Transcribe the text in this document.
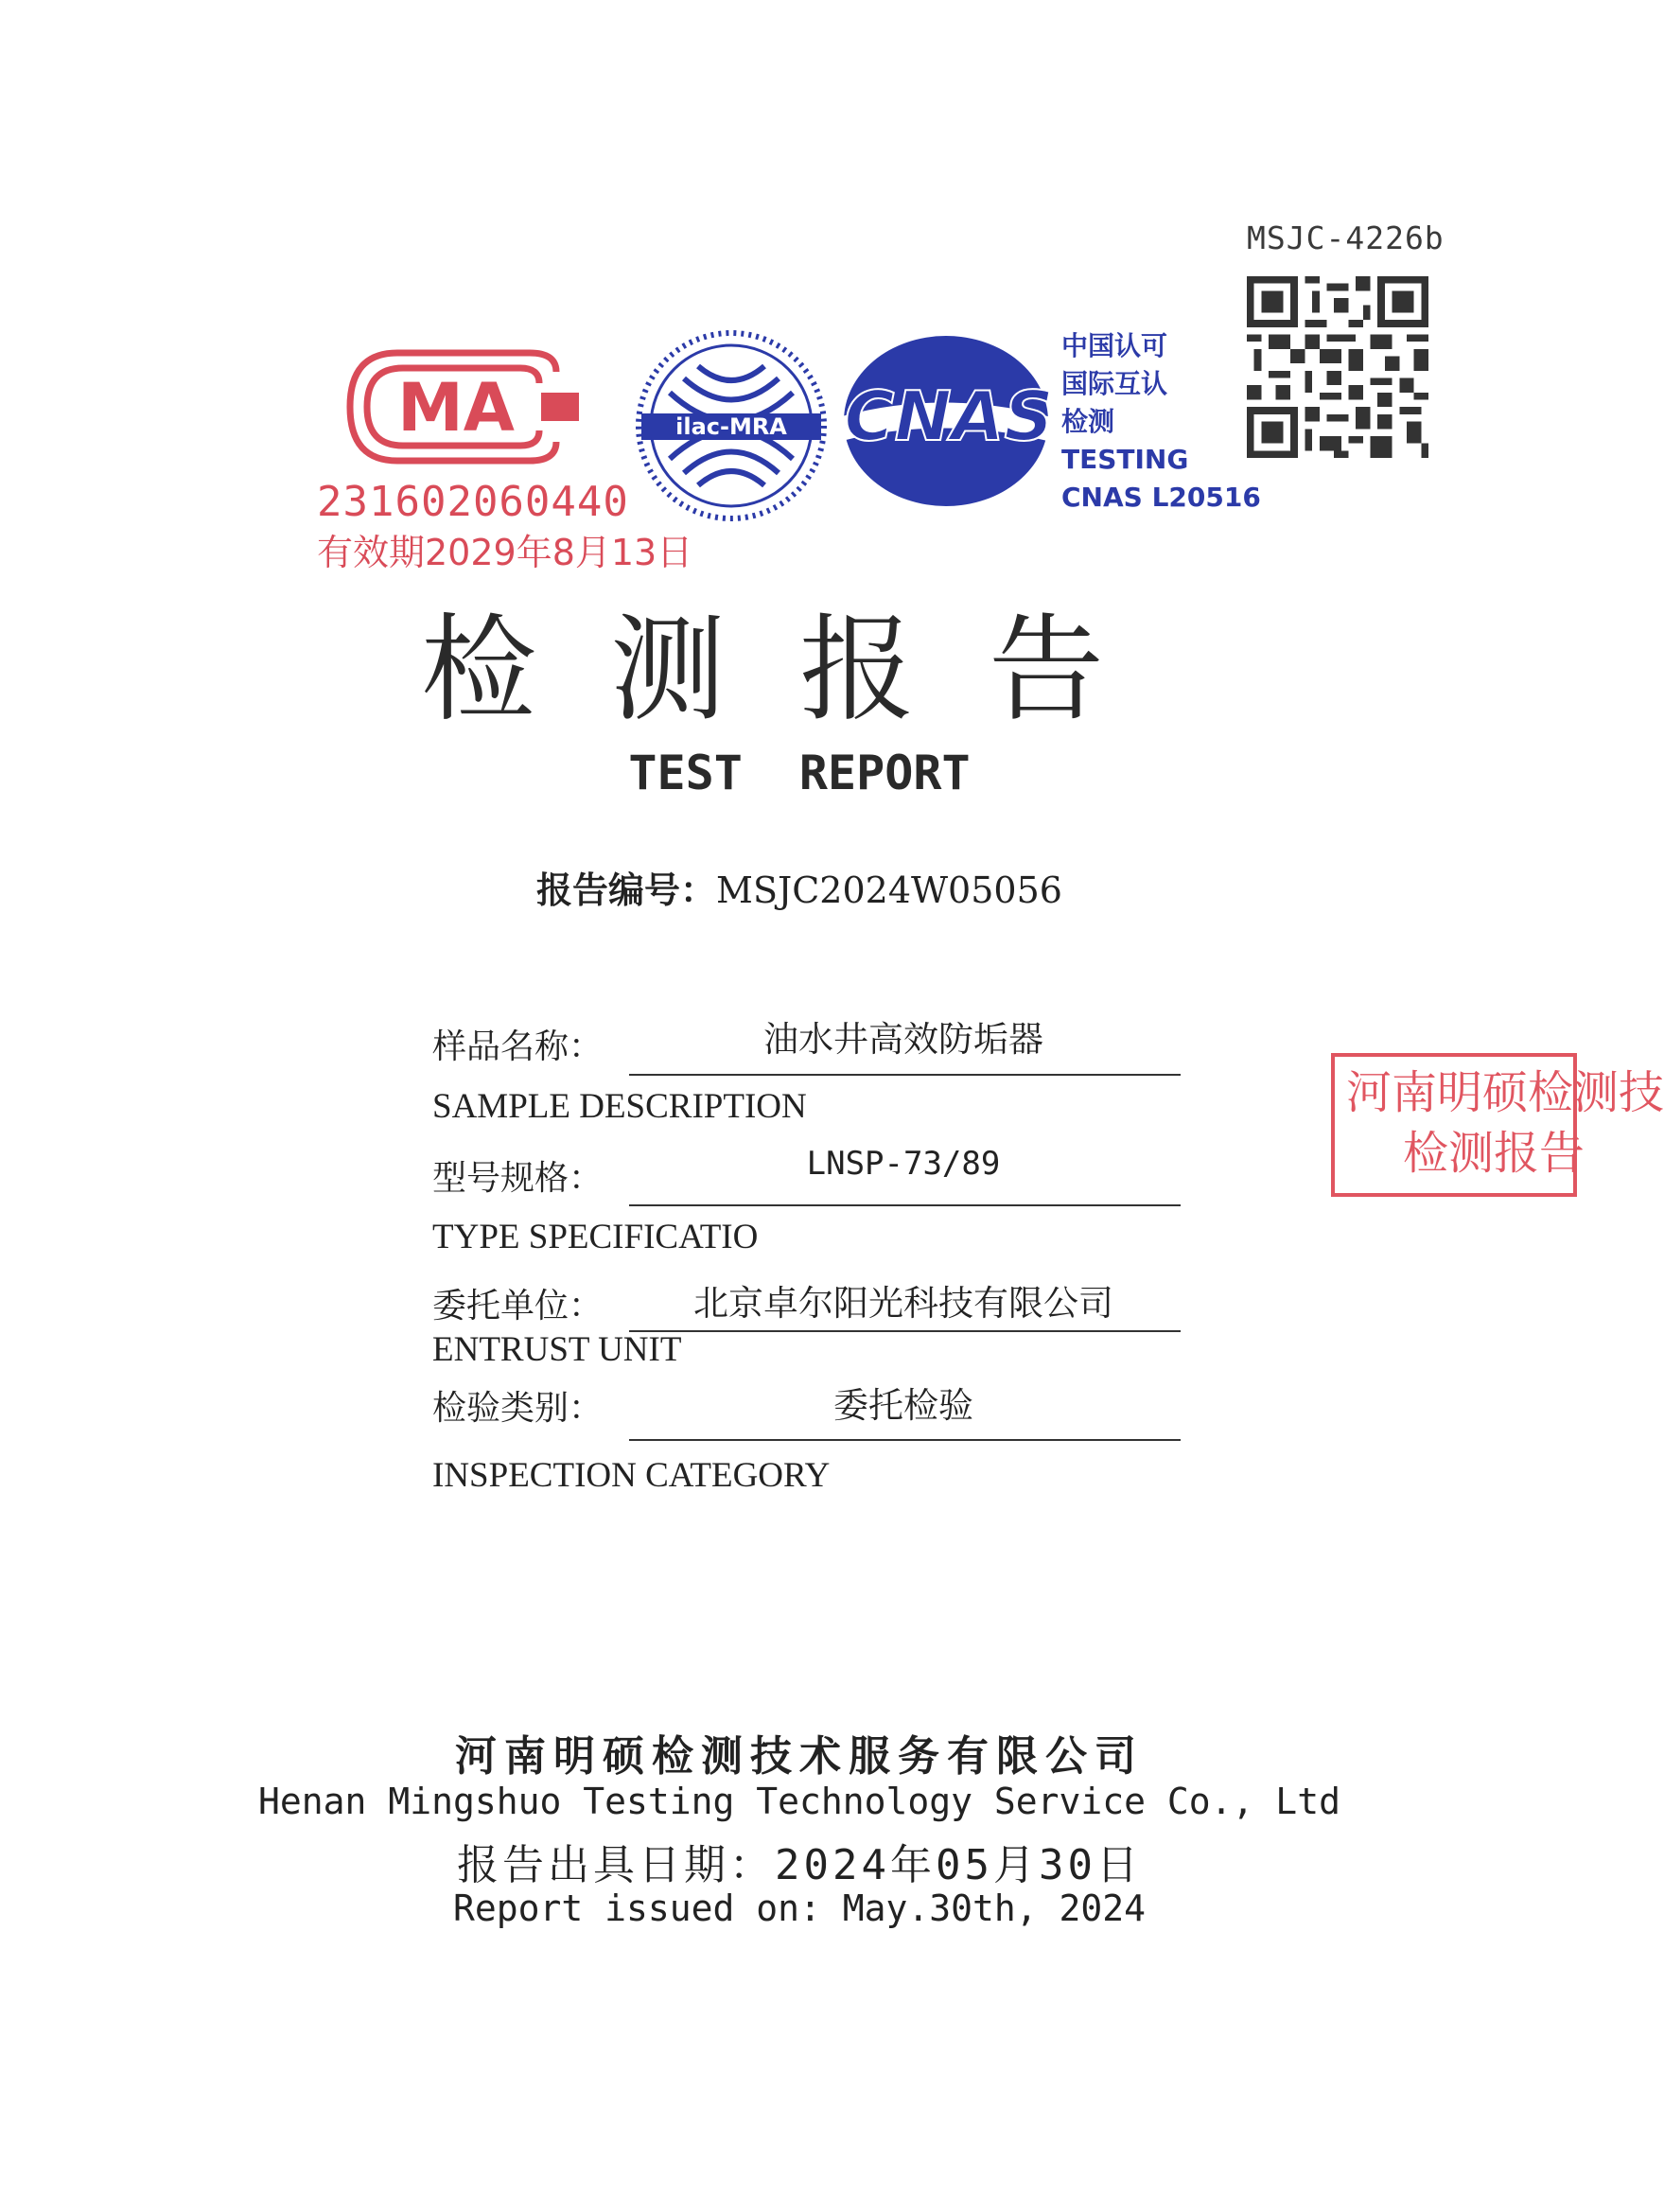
MSJC-4226b
MA
231602060440
有效期2029年8月13日
ilac-MRA CNAS
中国认可
国际互认
检测
TESTING
CNAS L20516
检测报告
TEST REPORT
报告编号：MSJC2024W05056
样品名称：	油水井高效防垢器
SAMPLE DESCRIPTION
型号规格：	LNSP-73/89
TYPE SPECIFICATIO
委托单位：	北京卓尔阳光科技有限公司
ENTRUST UNIT
检验类别：	委托检验
INSPECTION CATEGORY
河南明硕检测技
检测报告
河南明硕检测技术服务有限公司
Henan Mingshuo Testing Technology Service Co., Ltd
报告出具日期：2024年05月30日
Report issued on: May.30th, 2024
